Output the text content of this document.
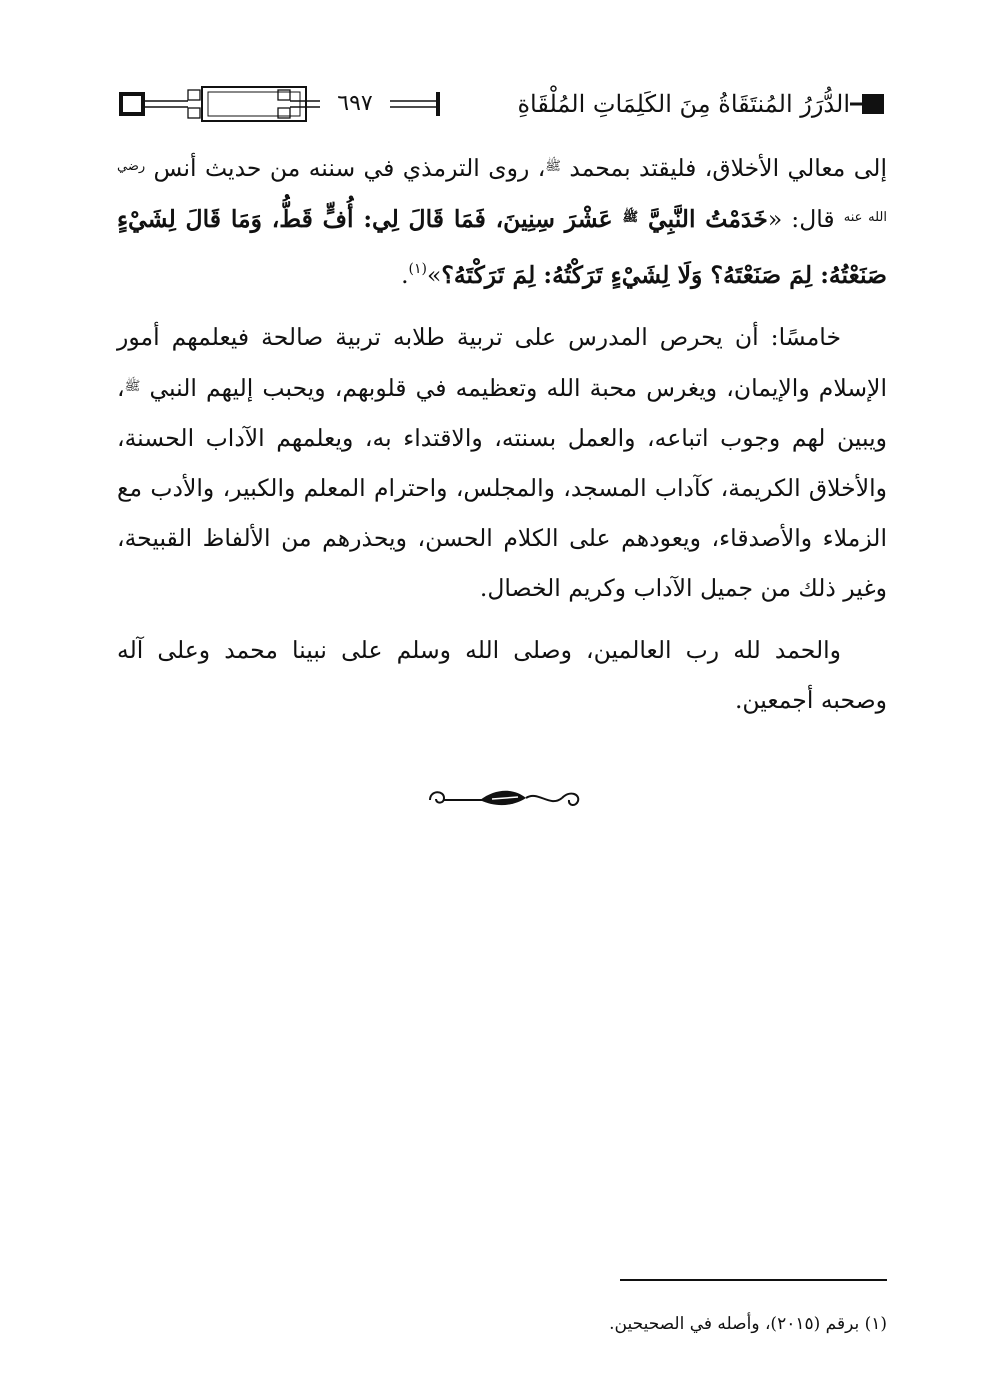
الدُّرَرُ المُنتَقَاةُ مِنَ الكَلِمَاتِ المُلْقَاةِ
٦٩٧

إلى معالي الأخلاق، فليقتد بمحمد $^ﷺ$، روى الترمذي في سننه من حديث أنس $^{رضي الله عنه}$ قال: «خَدَمْتُ النَّبِيَّ $^ﷺ$ عَشْرَ سِنِينَ، فَمَا قَالَ لِي: أُفٍّ قَطُّ، وَمَا قَالَ لِشَيْءٍ صَنَعْتُهُ: لِمَ صَنَعْتَهُ؟ وَلَا لِشَيْءٍ تَرَكْتُهُ: لِمَ تَرَكْتَهُ؟»$^{(١)}$.

خامسًا: أن يحرص المدرس على تربية طلابه تربية صالحة فيعلمهم أمور الإسلام والإيمان، ويغرس محبة الله وتعظيمه في قلوبهم، ويحبب إليهم النبي $^ﷺ$، ويبين لهم وجوب اتباعه، والعمل بسنته، والاقتداء به، ويعلمهم الآداب الحسنة، والأخلاق الكريمة، كآداب المسجد، والمجلس، واحترام المعلم والكبير، والأدب مع الزملاء والأصدقاء، ويعودهم على الكلام الحسن، ويحذرهم من الألفاظ القبيحة، وغير ذلك من جميل الآداب وكريم الخصال.

والحمد لله رب العالمين، وصلى الله وسلم على نبينا محمد وعلى آله وصحبه أجمعين.

(١) برقم (٢٠١٥)، وأصله في الصحيحين.
